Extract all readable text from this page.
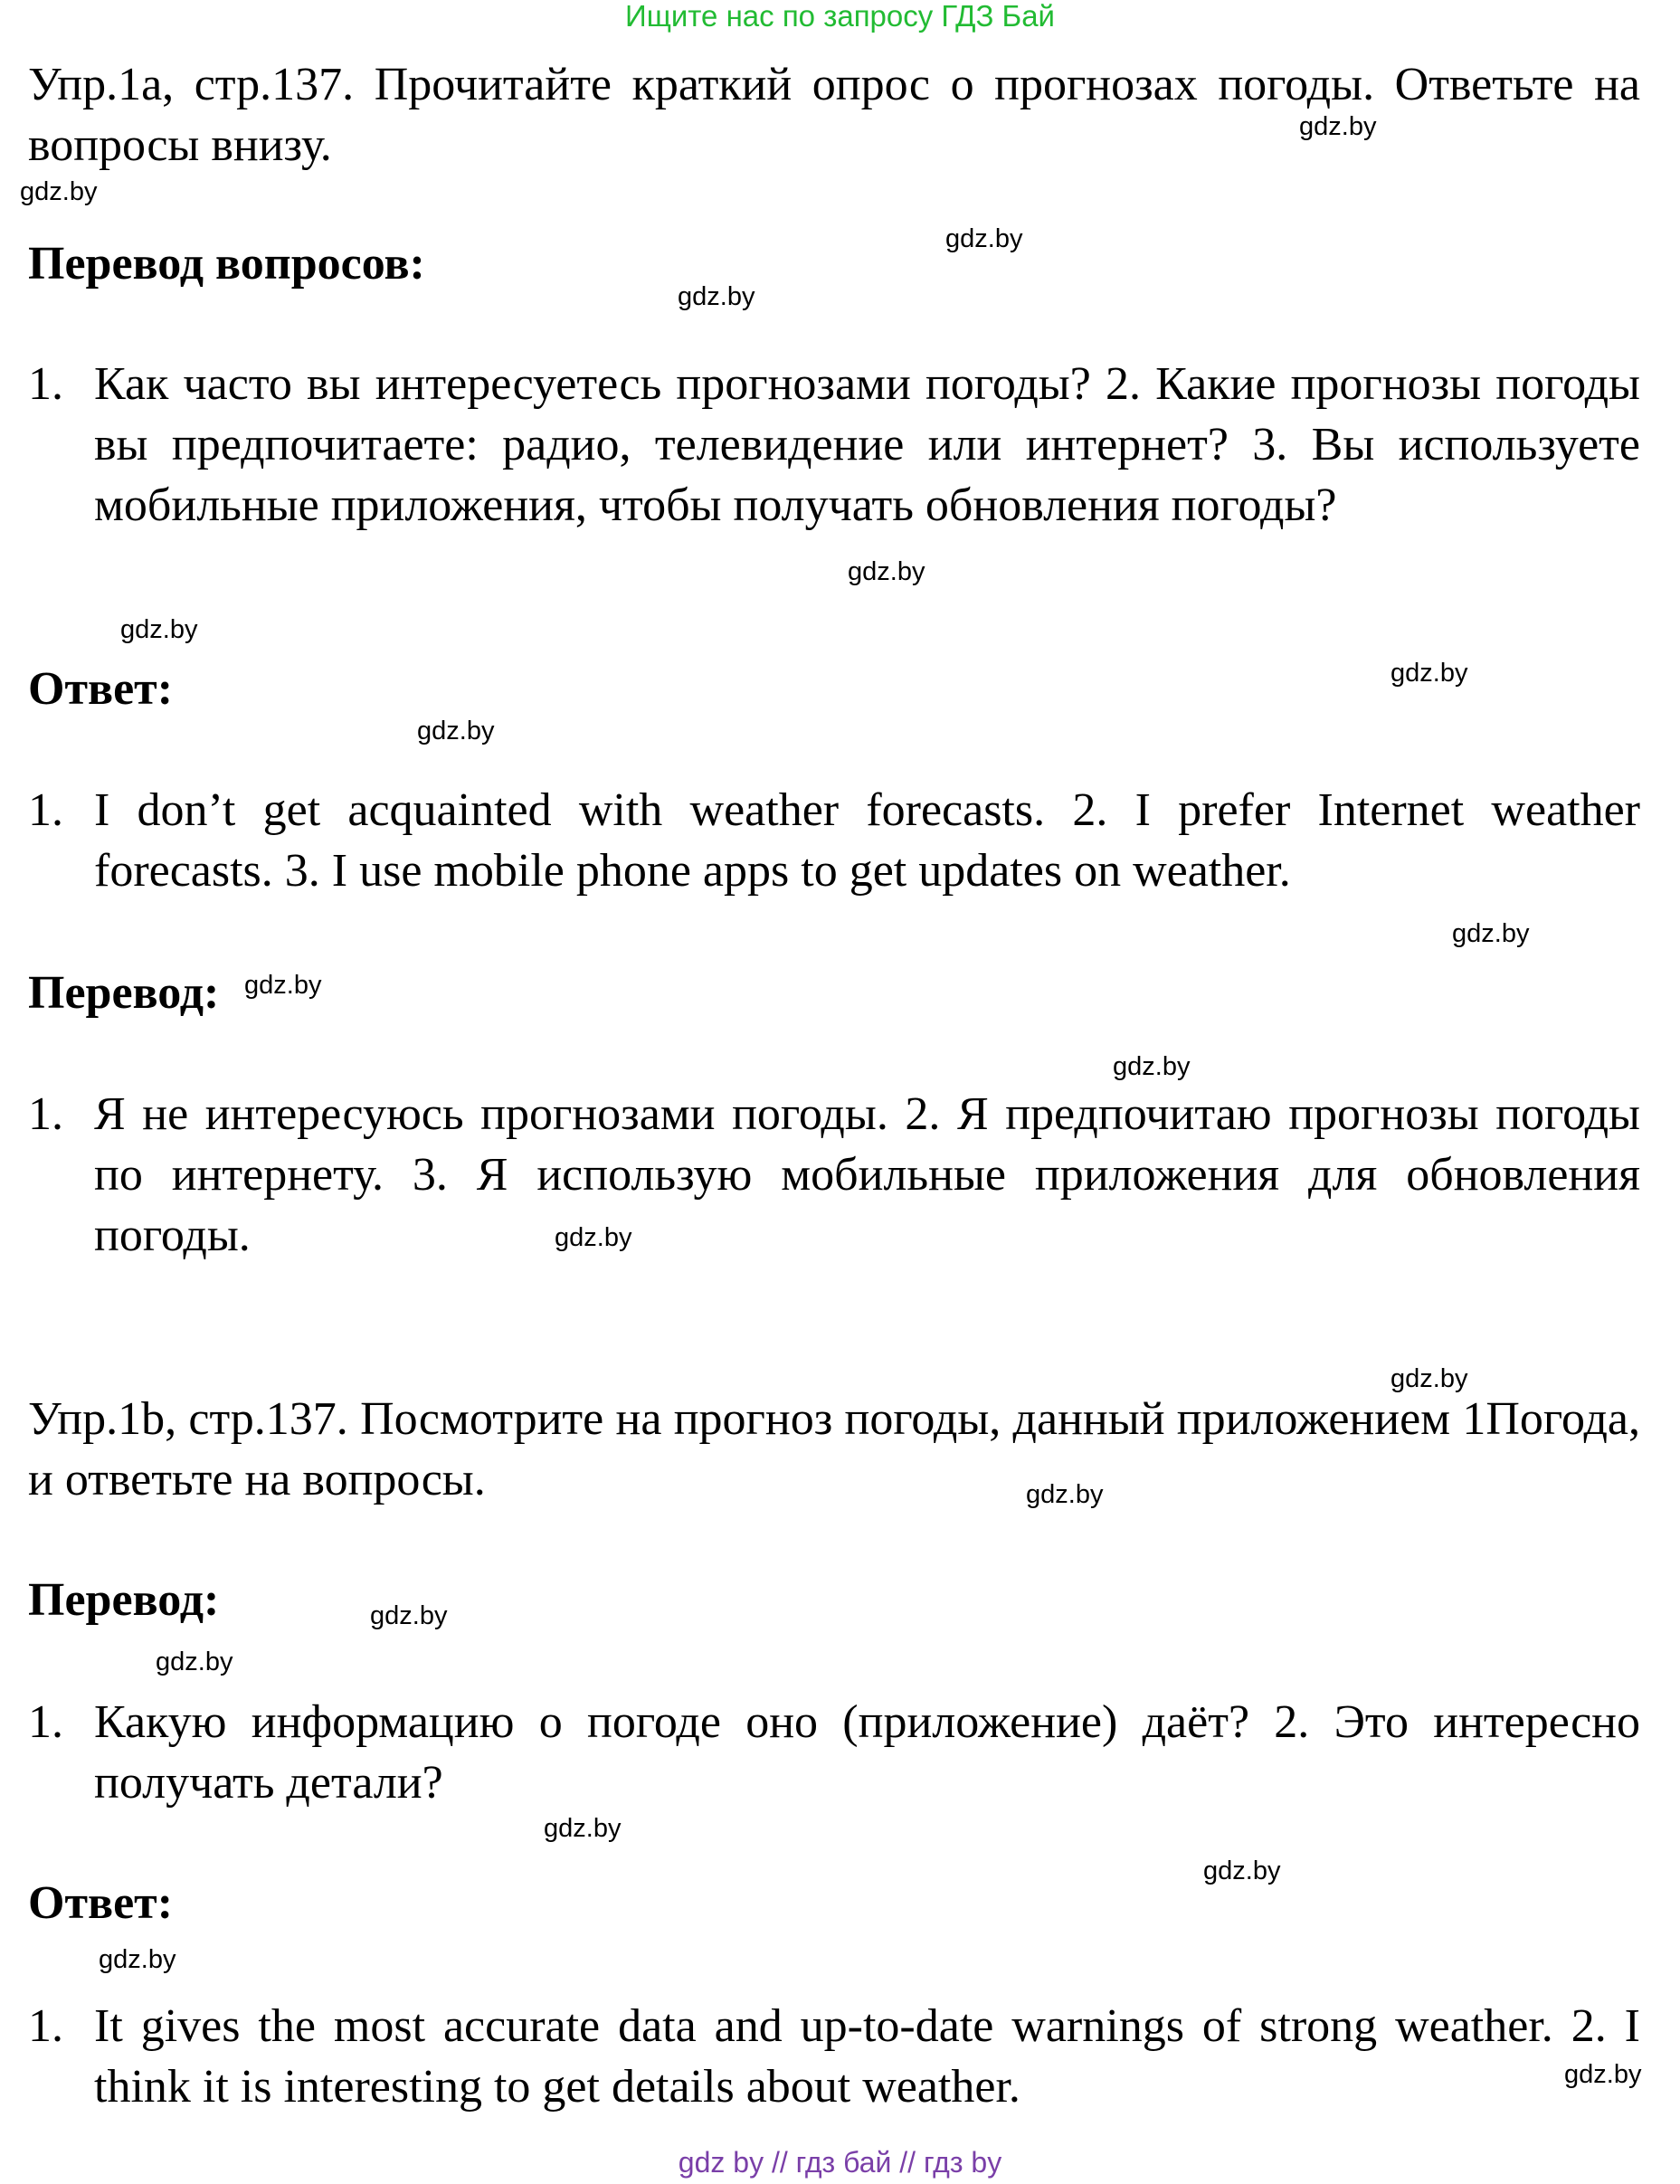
Ищите нас по запросу ГДЗ Бай
Упр.1a, стр.137. Прочитайте краткий опрос о прогнозах погоды. Ответьте на вопросы внизу.
Перевод вопросов:
1. Как часто вы интересуетесь прогнозами погоды? 2. Какие прогнозы погоды вы предпочитаете: радио, телевидение или интернет? 3. Вы используете мобильные приложения, чтобы получать обновления погоды?
Ответ:
1. I don’t get acquainted with weather forecasts. 2. I prefer Internet weather forecasts. 3. I use mobile phone apps to get updates on weather.
Перевод:
1. Я не интересуюсь прогнозами погоды. 2. Я предпочитаю прогнозы погоды по интернету. 3. Я использую мобильные приложения для обновления погоды.
Упр.1b, стр.137. Посмотрите на прогноз погоды, данный приложением 1Погода, и ответьте на вопросы.
Перевод:
1. Какую информацию о погоде оно (приложение) даёт? 2. Это интересно получать детали?
Ответ:
1. It gives the most accurate data and up-to-date warnings of strong weather. 2. I think it is interesting to get details about weather.
gdz.by
gdz.by
gdz.by
gdz.by
gdz.by
gdz.by
gdz.by
gdz.by
gdz.by
gdz.by
gdz.by
gdz.by
gdz.by
gdz.by
gdz.by
gdz.by
gdz.by
gdz.by
gdz.by
gdz.by
gdz by // гдз бай // гдз by
